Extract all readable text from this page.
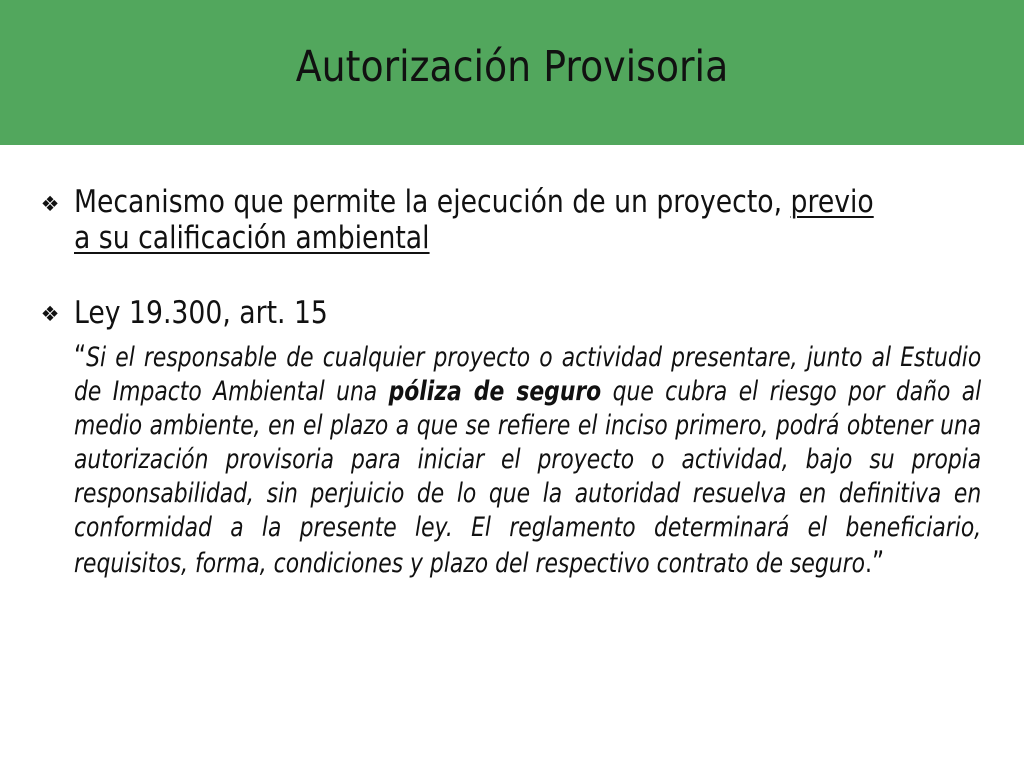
Autorización Provisoria
❖ Mecanismo que permite la ejecución de un proyecto, previo
a su calificación ambiental
❖ Ley 19.300, art. 15
“Si el responsable de cualquier proyecto o actividad presentare, junto al Estudio de Impacto Ambiental una póliza de seguro que cubra el riesgo por daño al medio ambiente, en el plazo a que se refiere el inciso primero, podrá obtener una autorización provisoria para iniciar el proyecto o actividad, bajo su propia responsabilidad, sin perjuicio de lo que la autoridad resuelva en definitiva en conformidad a la presente ley. El reglamento determinará el beneficiario, requisitos, forma, condiciones y plazo del respectivo contrato de seguro.”
